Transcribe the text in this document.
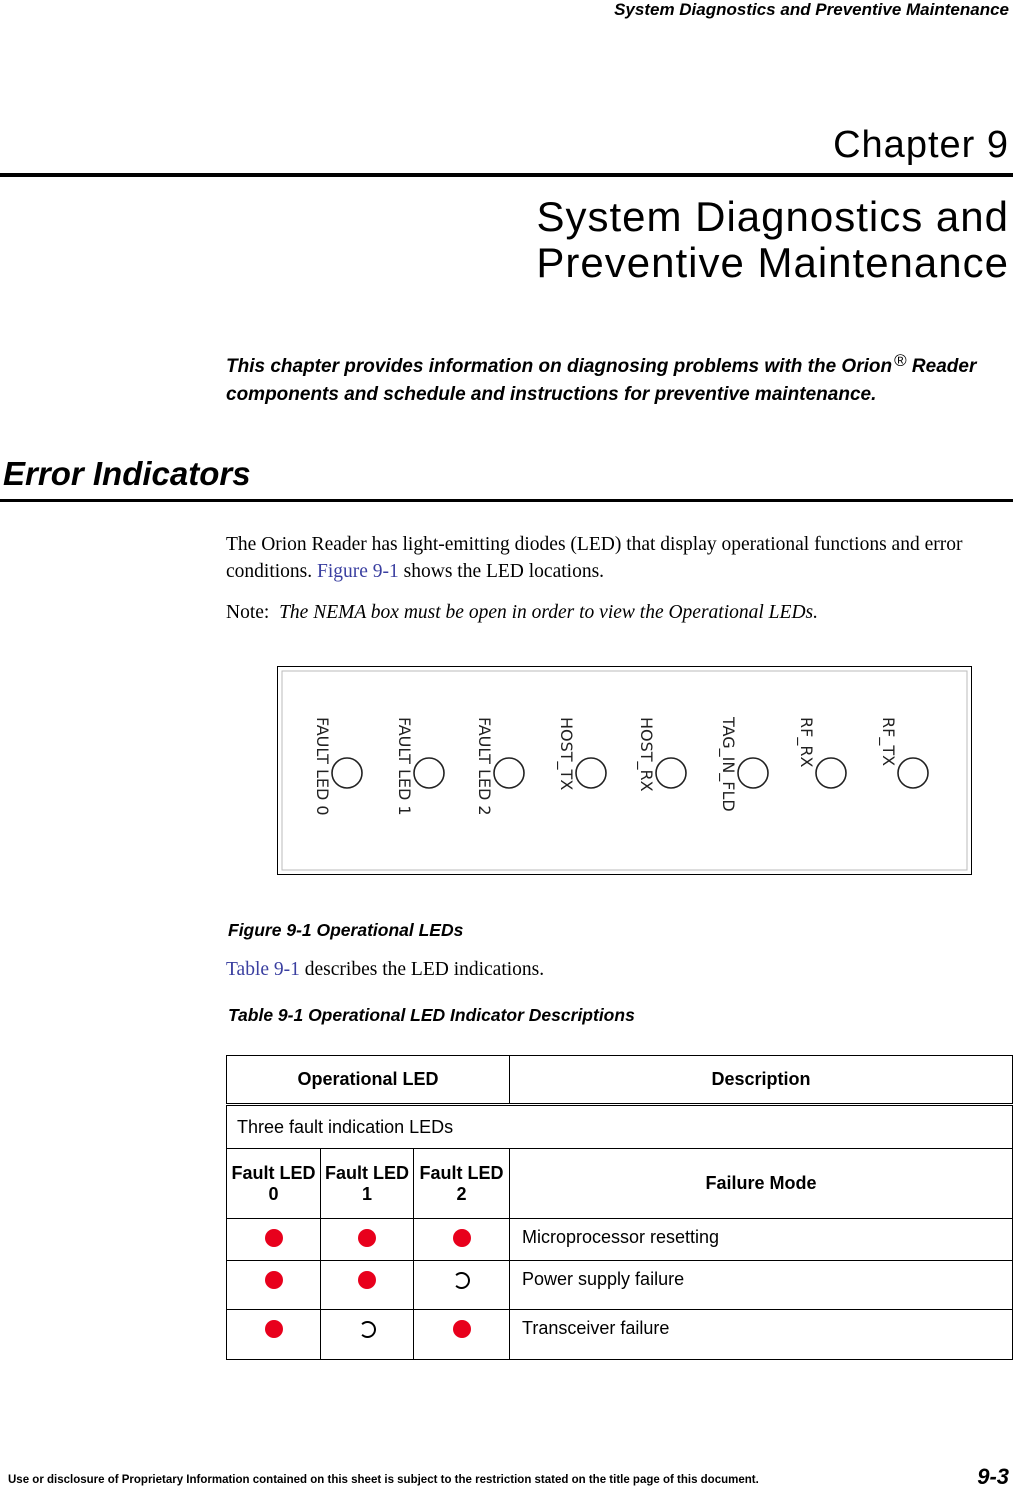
System Diagnostics and Preventive Maintenance
Chapter 9
System Diagnostics and
Preventive Maintenance
This chapter provides information on diagnosing problems with the Orion ® Reader components and schedule and instructions for preventive maintenance.
Error Indicators
The Orion Reader has light-emitting diodes (LED) that display operational functions and error conditions. Figure 9-1 shows the LED locations.
Note: The NEMA box must be open in order to view the Operational LEDs.
FAULT LED 0	FAULT LED 1	FAULT LED 2	HOST_TX	HOST_RX	TAG_IN_FLD	RF_RX	RF_TX
Figure 9-1 Operational LEDs
Table 9-1 describes the LED indications.
Table 9-1 Operational LED Indicator Descriptions
Operational LED			Description
Three fault indication LEDs			
Fault LED 0	Fault LED 1	Fault LED 2	Failure Mode
			Microprocessor resetting
			Power supply failure
			Transceiver failure
Use or disclosure of Proprietary Information contained on this sheet is subject to the restriction stated on the title page of this document.	9-3
